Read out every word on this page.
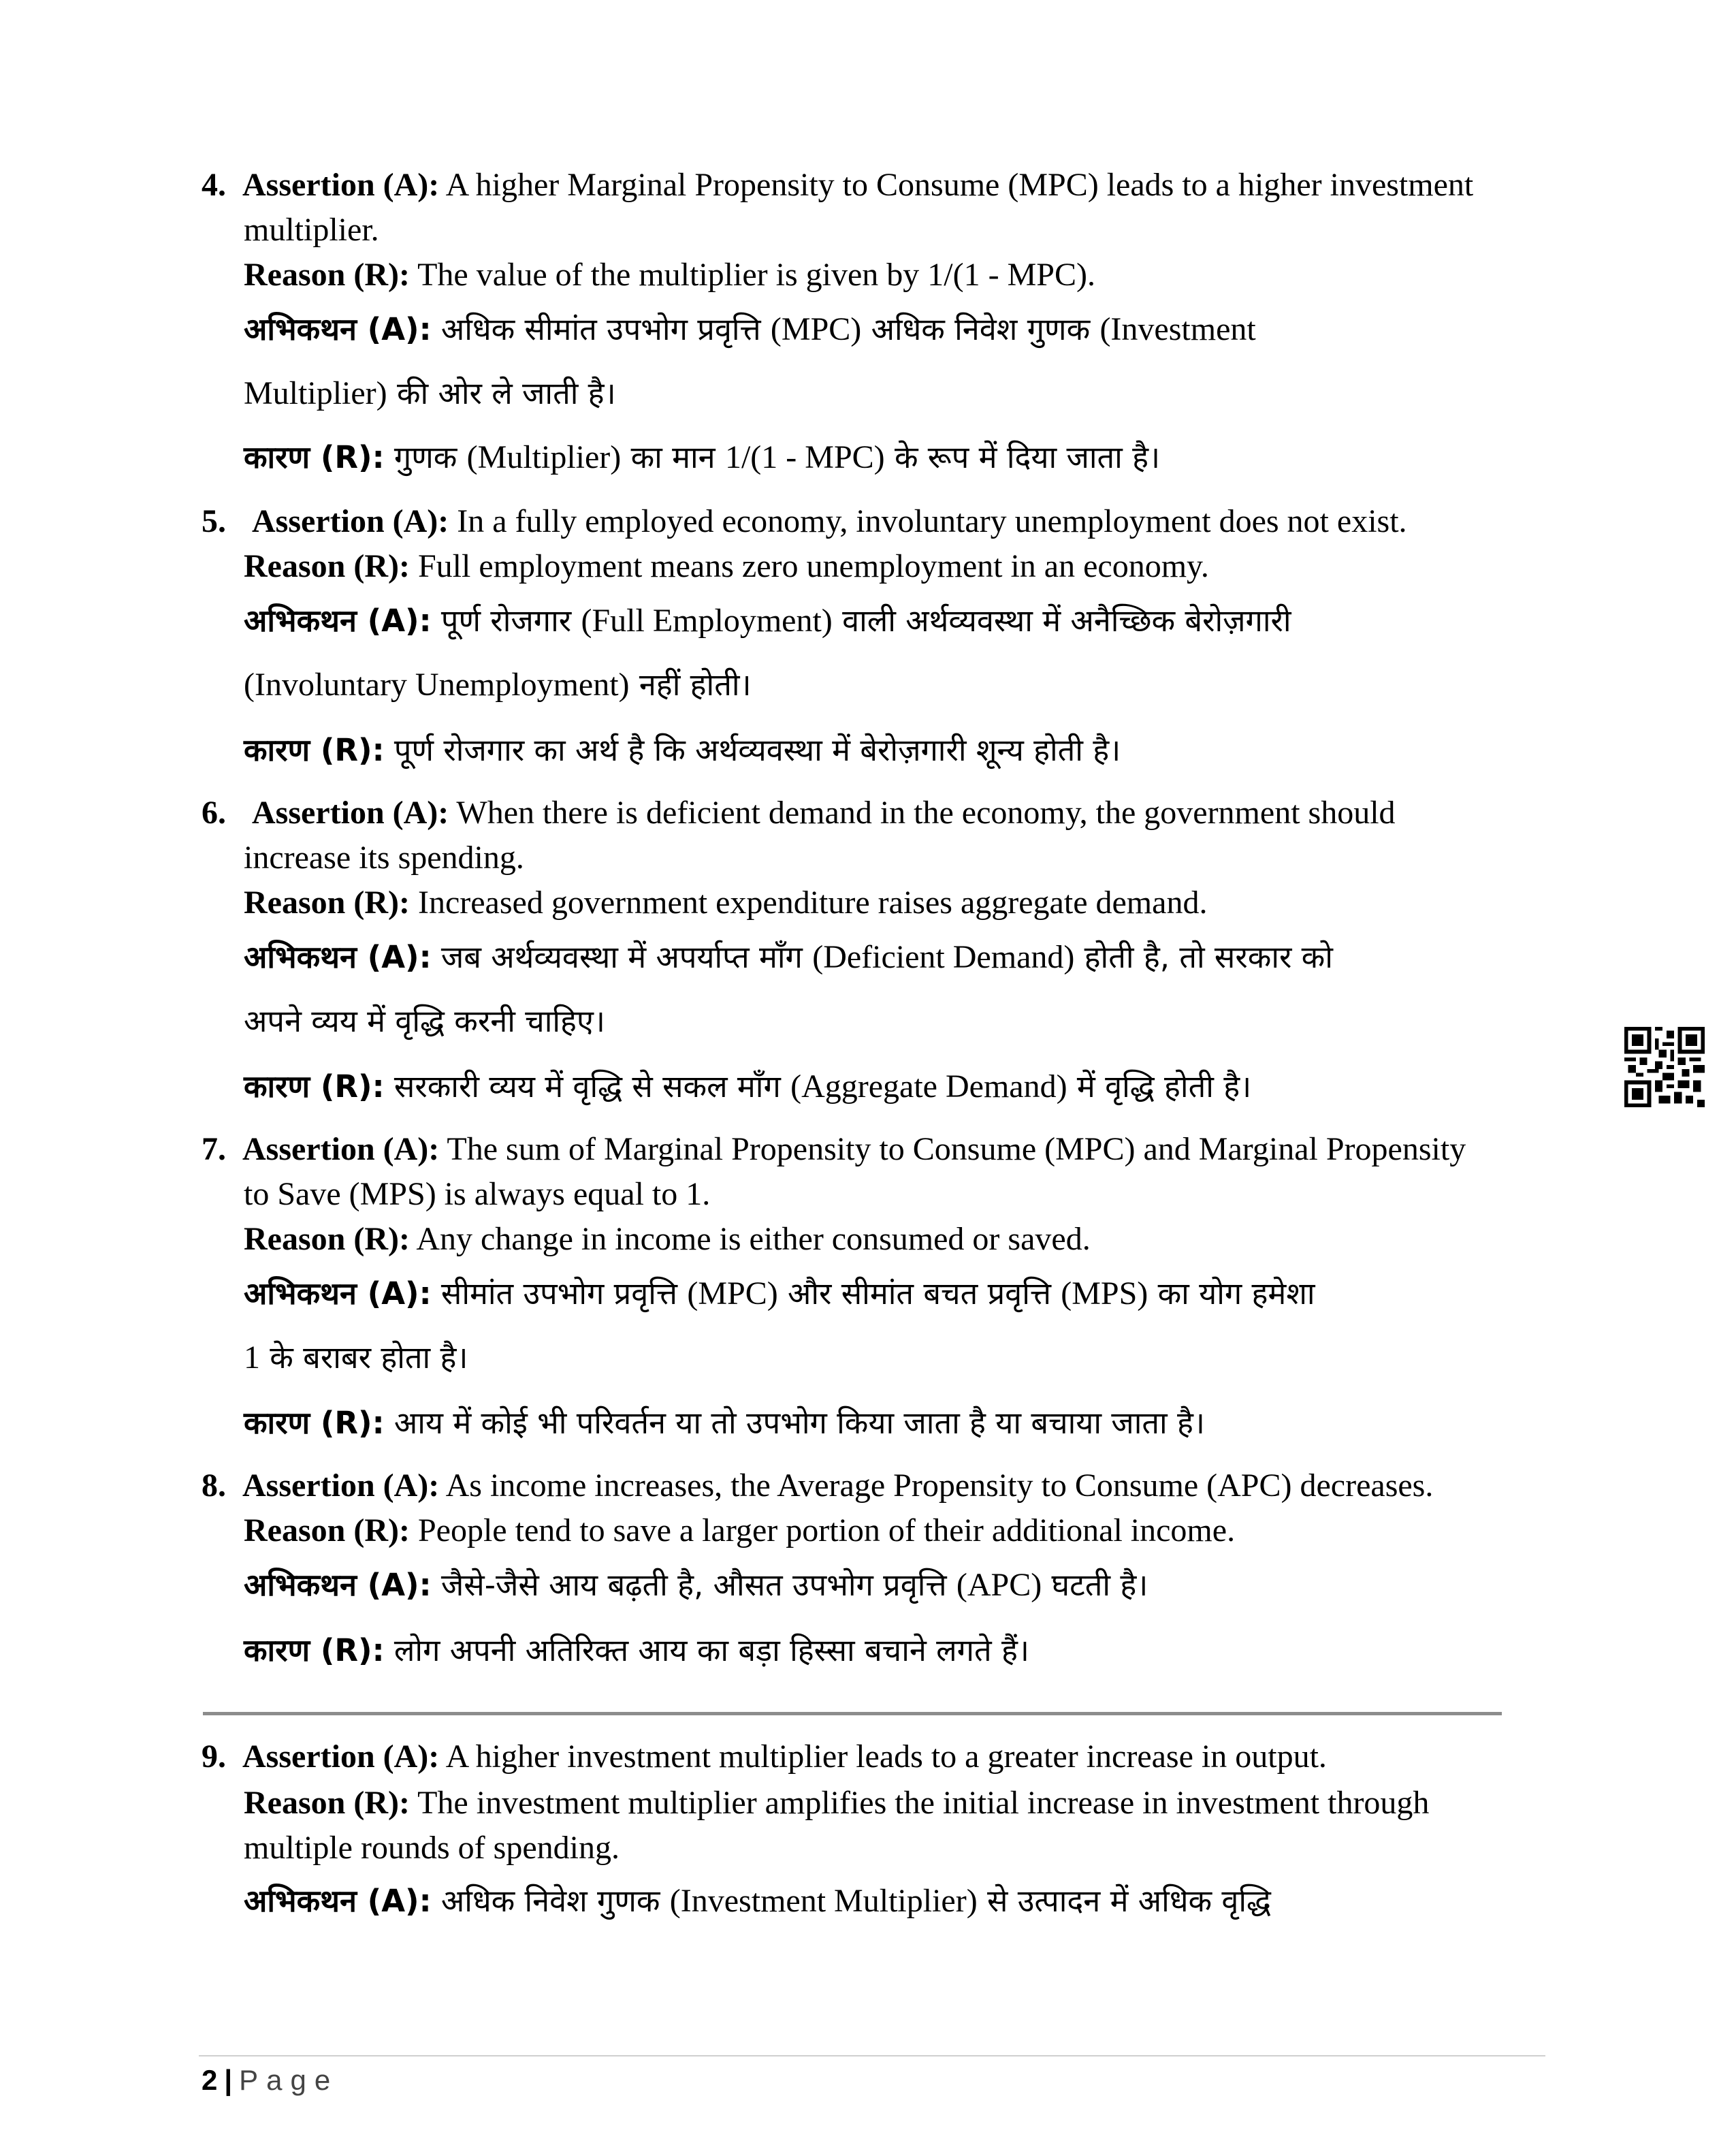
4. Assertion (A): A higher Marginal Propensity to Consume (MPC) leads to a higher investment
multiplier.
Reason (R): The value of the multiplier is given by 1/(1 - MPC).
अभिकथन (A): अधिक सीमांत उपभोग प्रवृत्ति (MPC) अधिक निवेश गुणक (Investment
Multiplier) की ओर ले जाती है।
कारण (R): गुणक (Multiplier) का मान 1/(1 - MPC) के रूप में दिया जाता है।
5. Assertion (A): In a fully employed economy, involuntary unemployment does not exist.
Reason (R): Full employment means zero unemployment in an economy.
अभिकथन (A): पूर्ण रोजगार (Full Employment) वाली अर्थव्यवस्था में अनैच्छिक बेरोज़गारी
(Involuntary Unemployment) नहीं होती।
कारण (R): पूर्ण रोजगार का अर्थ है कि अर्थव्यवस्था में बेरोज़गारी शून्य होती है।
6. Assertion (A): When there is deficient demand in the economy, the government should
increase its spending.
Reason (R): Increased government expenditure raises aggregate demand.
अभिकथन (A): जब अर्थव्यवस्था में अपर्याप्त माँग (Deficient Demand) होती है, तो सरकार को
अपने व्यय में वृद्धि करनी चाहिए।
कारण (R): सरकारी व्यय में वृद्धि से सकल माँग (Aggregate Demand) में वृद्धि होती है।
7. Assertion (A): The sum of Marginal Propensity to Consume (MPC) and Marginal Propensity
to Save (MPS) is always equal to 1.
Reason (R): Any change in income is either consumed or saved.
अभिकथन (A): सीमांत उपभोग प्रवृत्ति (MPC) और सीमांत बचत प्रवृत्ति (MPS) का योग हमेशा
1 के बराबर होता है।
कारण (R): आय में कोई भी परिवर्तन या तो उपभोग किया जाता है या बचाया जाता है।
8. Assertion (A): As income increases, the Average Propensity to Consume (APC) decreases.
Reason (R): People tend to save a larger portion of their additional income.
अभिकथन (A): जैसे-जैसे आय बढ़ती है, औसत उपभोग प्रवृत्ति (APC) घटती है।
कारण (R): लोग अपनी अतिरिक्त आय का बड़ा हिस्सा बचाने लगते हैं।
9. Assertion (A): A higher investment multiplier leads to a greater increase in output.
Reason (R): The investment multiplier amplifies the initial increase in investment through
multiple rounds of spending.
अभिकथन (A): अधिक निवेश गुणक (Investment Multiplier) से उत्पादन में अधिक वृद्धि
2 | Page
